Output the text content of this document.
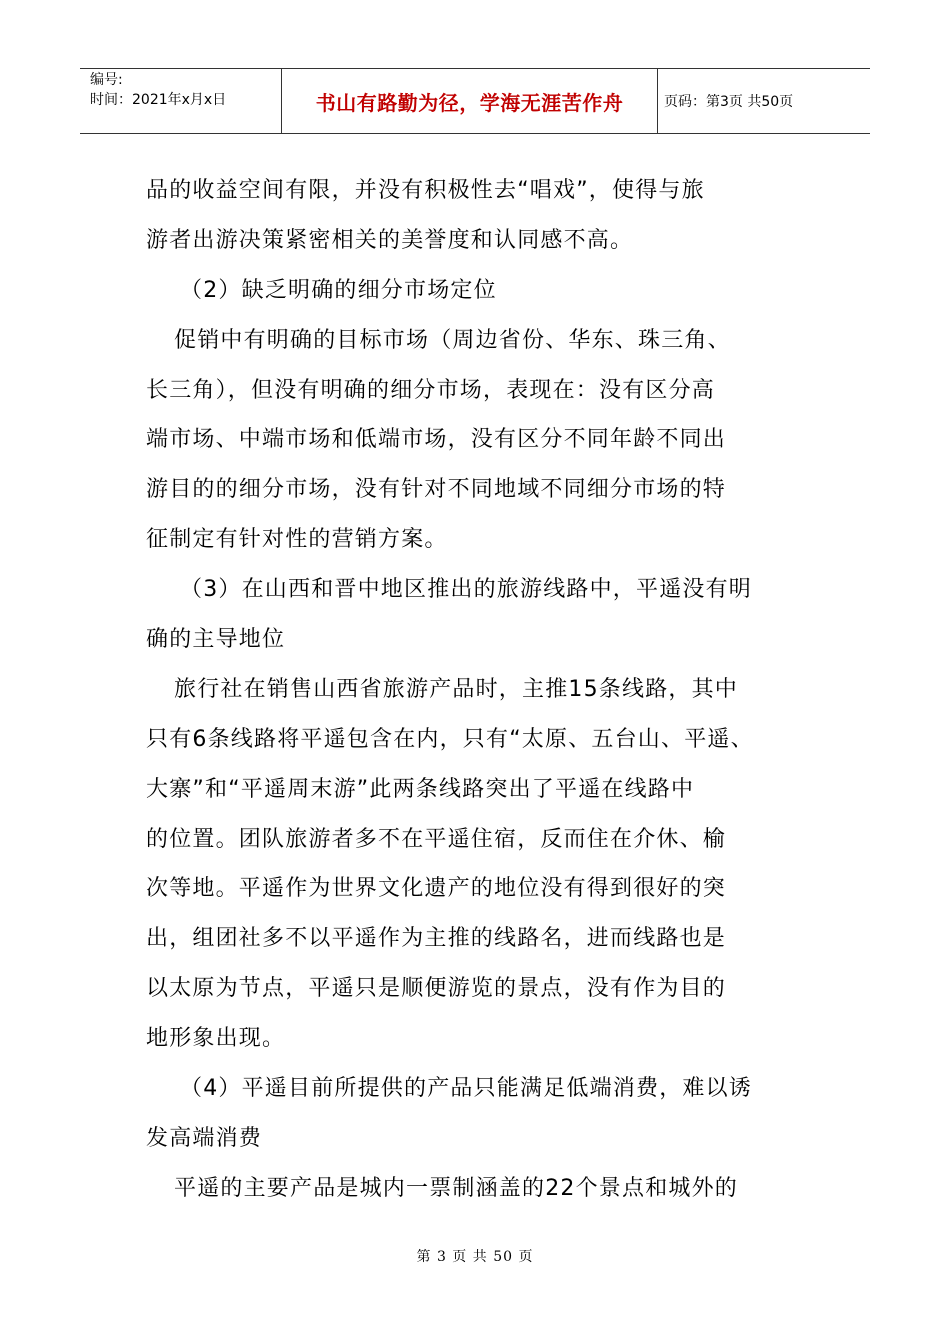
编号:
时间：2021年x月x日	书山有路勤为径，学海无涯苦作舟	页码：第3页 共50页
品的收益空间有限，并没有积极性去“唱戏”，使得与旅
游者出游决策紧密相关的美誉度和认同感不高。
（2）缺乏明确的细分市场定位
促销中有明确的目标市场（周边省份、华东、珠三角、
长三角），但没有明确的细分市场，表现在：没有区分高
端市场、中端市场和低端市场，没有区分不同年龄不同出
游目的的细分市场，没有针对不同地域不同细分市场的特
征制定有针对性的营销方案。
（3）在山西和晋中地区推出的旅游线路中，平遥没有明
确的主导地位
旅行社在销售山西省旅游产品时，主推15条线路，其中
只有6条线路将平遥包含在内，只有“太原、五台山、平遥、
大寨”和“平遥周末游”此两条线路突出了平遥在线路中
的位置。团队旅游者多不在平遥住宿，反而住在介休、榆
次等地。平遥作为世界文化遗产的地位没有得到很好的突
出，组团社多不以平遥作为主推的线路名，进而线路也是
以太原为节点，平遥只是顺便游览的景点，没有作为目的
地形象出现。
（4）平遥目前所提供的产品只能满足低端消费，难以诱
发高端消费
平遥的主要产品是城内一票制涵盖的22个景点和城外的
第 3 页 共 50 页
